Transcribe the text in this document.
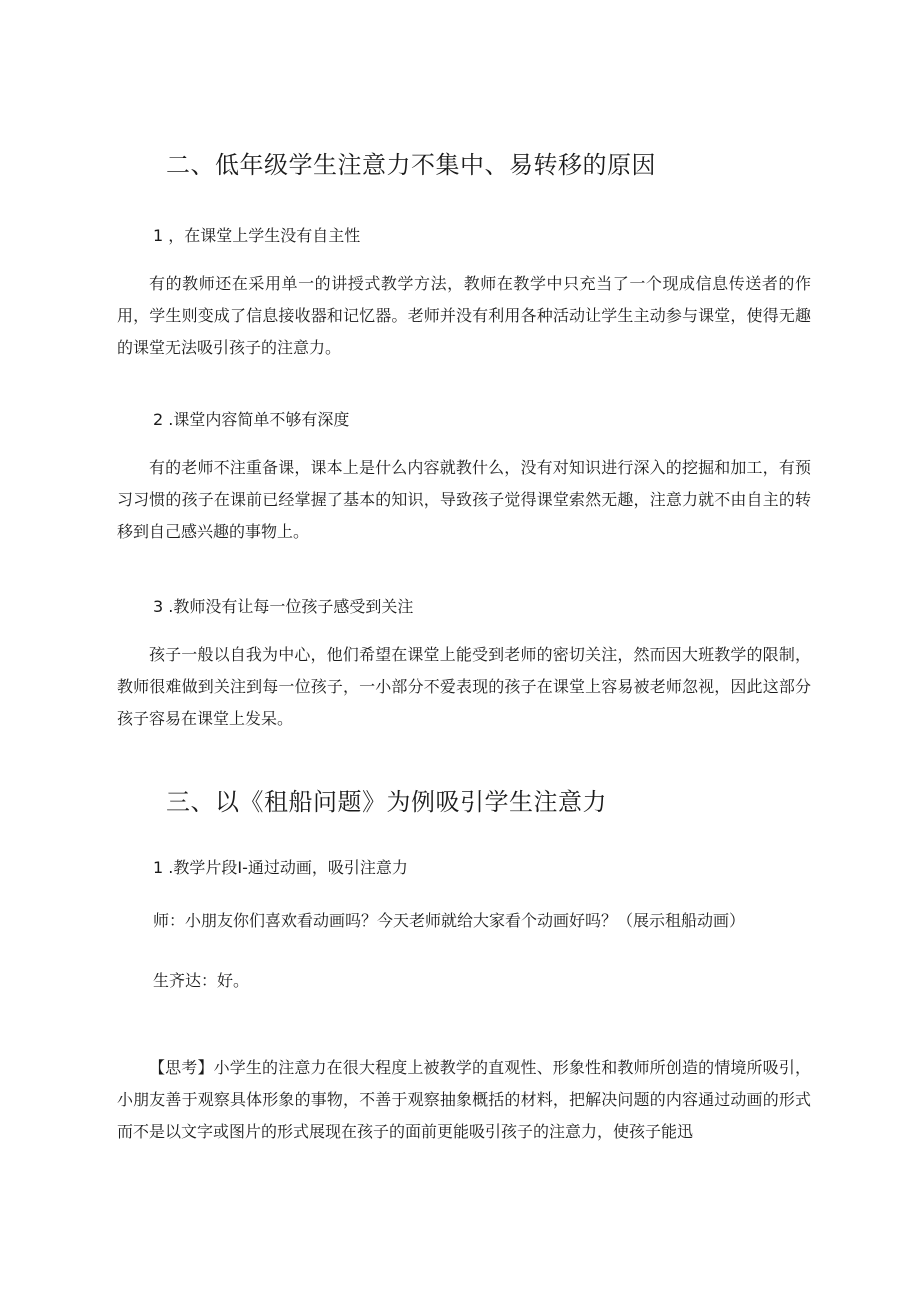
二、低年级学生注意力不集中、易转移的原因
1 ，在课堂上学生没有自主性
有的教师还在采用单一的讲授式教学方法，教师在教学中只充当了一个现成信息传送者的作用，学生则变成了信息接收器和记忆器。老师并没有利用各种活动让学生主动参与课堂，使得无趣的课堂无法吸引孩子的注意力。
2 .课堂内容简单不够有深度
有的老师不注重备课，课本上是什么内容就教什么，没有对知识进行深入的挖掘和加工，有预习习惯的孩子在课前已经掌握了基本的知识，导致孩子觉得课堂索然无趣，注意力就不由自主的转移到自己感兴趣的事物上。
3 .教师没有让每一位孩子感受到关注
孩子一般以自我为中心，他们希望在课堂上能受到老师的密切关注，然而因大班教学的限制，教师很难做到关注到每一位孩子，一小部分不爱表现的孩子在课堂上容易被老师忽视，因此这部分孩子容易在课堂上发呆。
三、以《租船问题》为例吸引学生注意力
1 .教学片段I-通过动画，吸引注意力
师：小朋友你们喜欢看动画吗？今天老师就给大家看个动画好吗？（展示租船动画）
生齐达：好。
【思考】小学生的注意力在很大程度上被教学的直观性、形象性和教师所创造的情境所吸引，小朋友善于观察具体形象的事物，不善于观察抽象概括的材料，把解决问题的内容通过动画的形式而不是以文字或图片的形式展现在孩子的面前更能吸引孩子的注意力，使孩子能迅
